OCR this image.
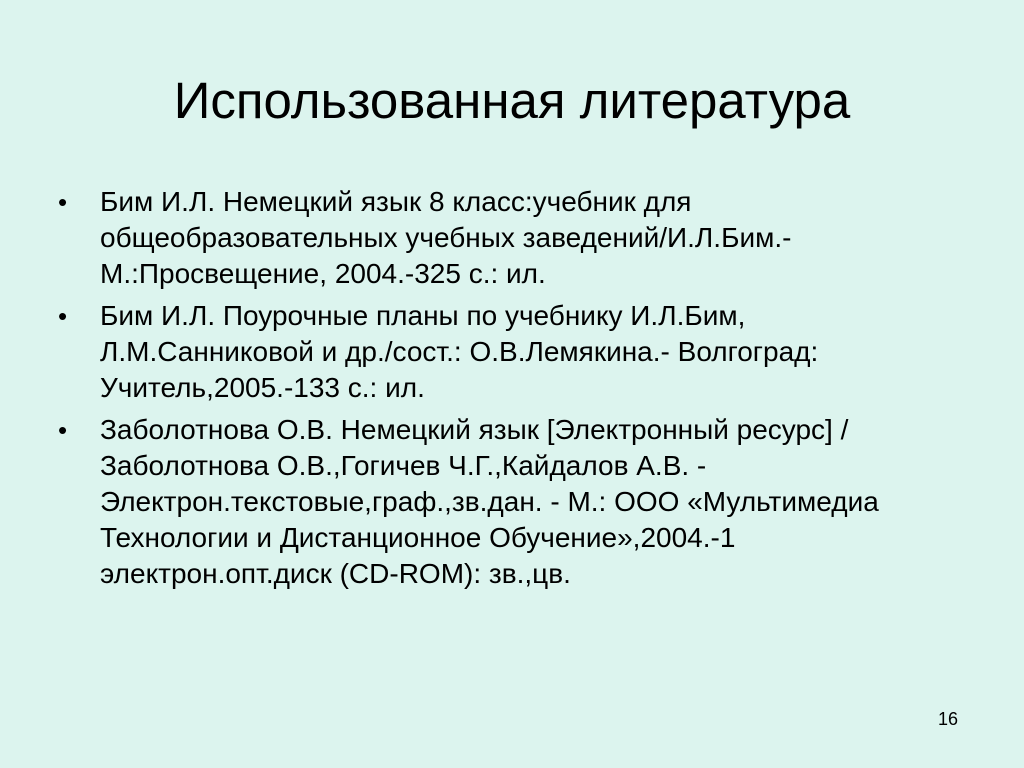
Использованная литература
• Бим И.Л. Немецкий язык 8 класс:учебник для общеобразовательных учебных заведений/И.Л.Бим.- М.:Просвещение, 2004.-325 с.: ил.
• Бим И.Л. Поурочные планы по учебнику И.Л.Бим, Л.М.Санниковой и др./сост.: О.В.Лемякина.- Волгоград: Учитель,2005.-133 с.: ил.
• Заболотнова О.В. Немецкий язык [Электронный ресурс] / Заболотнова О.В.,Гогичев Ч.Г.,Кайдалов А.В. - Электрон.текстовые,граф.,зв.дан. - М.: ООО «Мультимедиа Технологии и Дистанционное Обучение»,2004.-1 электрон.опт.диск (CD-ROM): зв.,цв.
16
